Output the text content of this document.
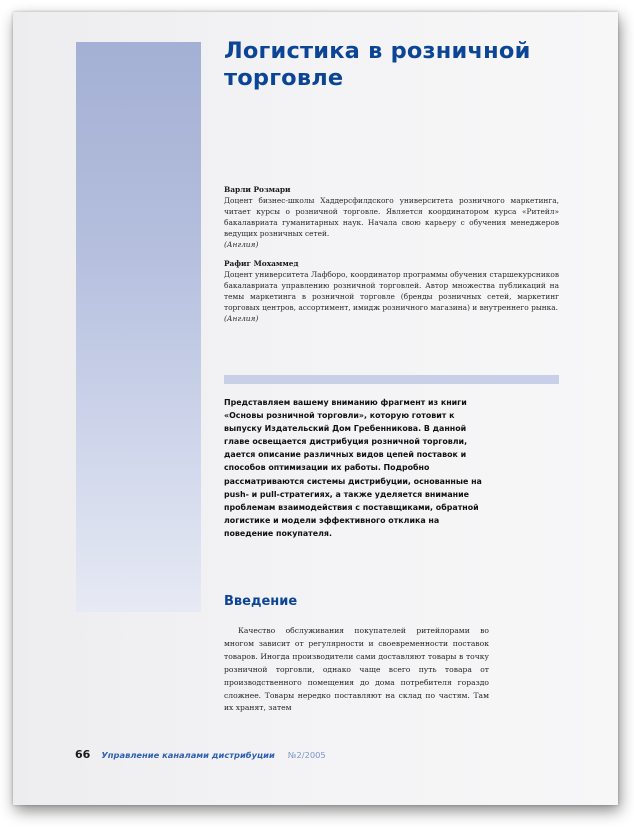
Логистика в розничной торговле
Варли Розмари
Доцент бизнес-школы Хаддерсфилдского университета розничного маркетинга, читает курсы о розничной торговле. Является координатором курса «Ритейл» бакалавриата гуманитарных наук. Начала свою карьеру с обучения менеджеров ведущих розничных сетей.
(Англия)
Рафиг Мохаммед
Доцент университета Лафборо, координатор программы обучения старшекурсников бакалавриата управлению розничной торговлей. Автор множества публикаций на темы маркетинга в розничной торговле (бренды розничных сетей, маркетинг торговых центров, ассортимент, имидж розничного магазина) и внутреннего рынка.
(Англия)

Представляем вашему вниманию фрагмент из книги «Основы розничной торговли», которую готовит к выпуску Издательский Дом Гребенникова. В данной главе освещается дистрибуция розничной торговли, дается описание различных видов цепей поставок и способов оптимизации их работы. Подробно рассматриваются системы дистрибуции, основанные на push- и pull-стратегиях, а также уделяется внимание проблемам взаимодействия с поставщиками, обратной логистике и модели эффективного отклика на поведение покупателя.

Введение

Качество обслуживания покупателей ритейлорами во многом зависит от регулярности и своевременности поставок товаров. Иногда производители сами доставляют товары в точку розничной торговли, однако чаще всего путь товара от производственного помещения до дома потребителя гораздо сложнее. Товары нередко поставляют на склад по частям. Там их хранят, затем

66 Управление каналами дистрибуции №2/2005
